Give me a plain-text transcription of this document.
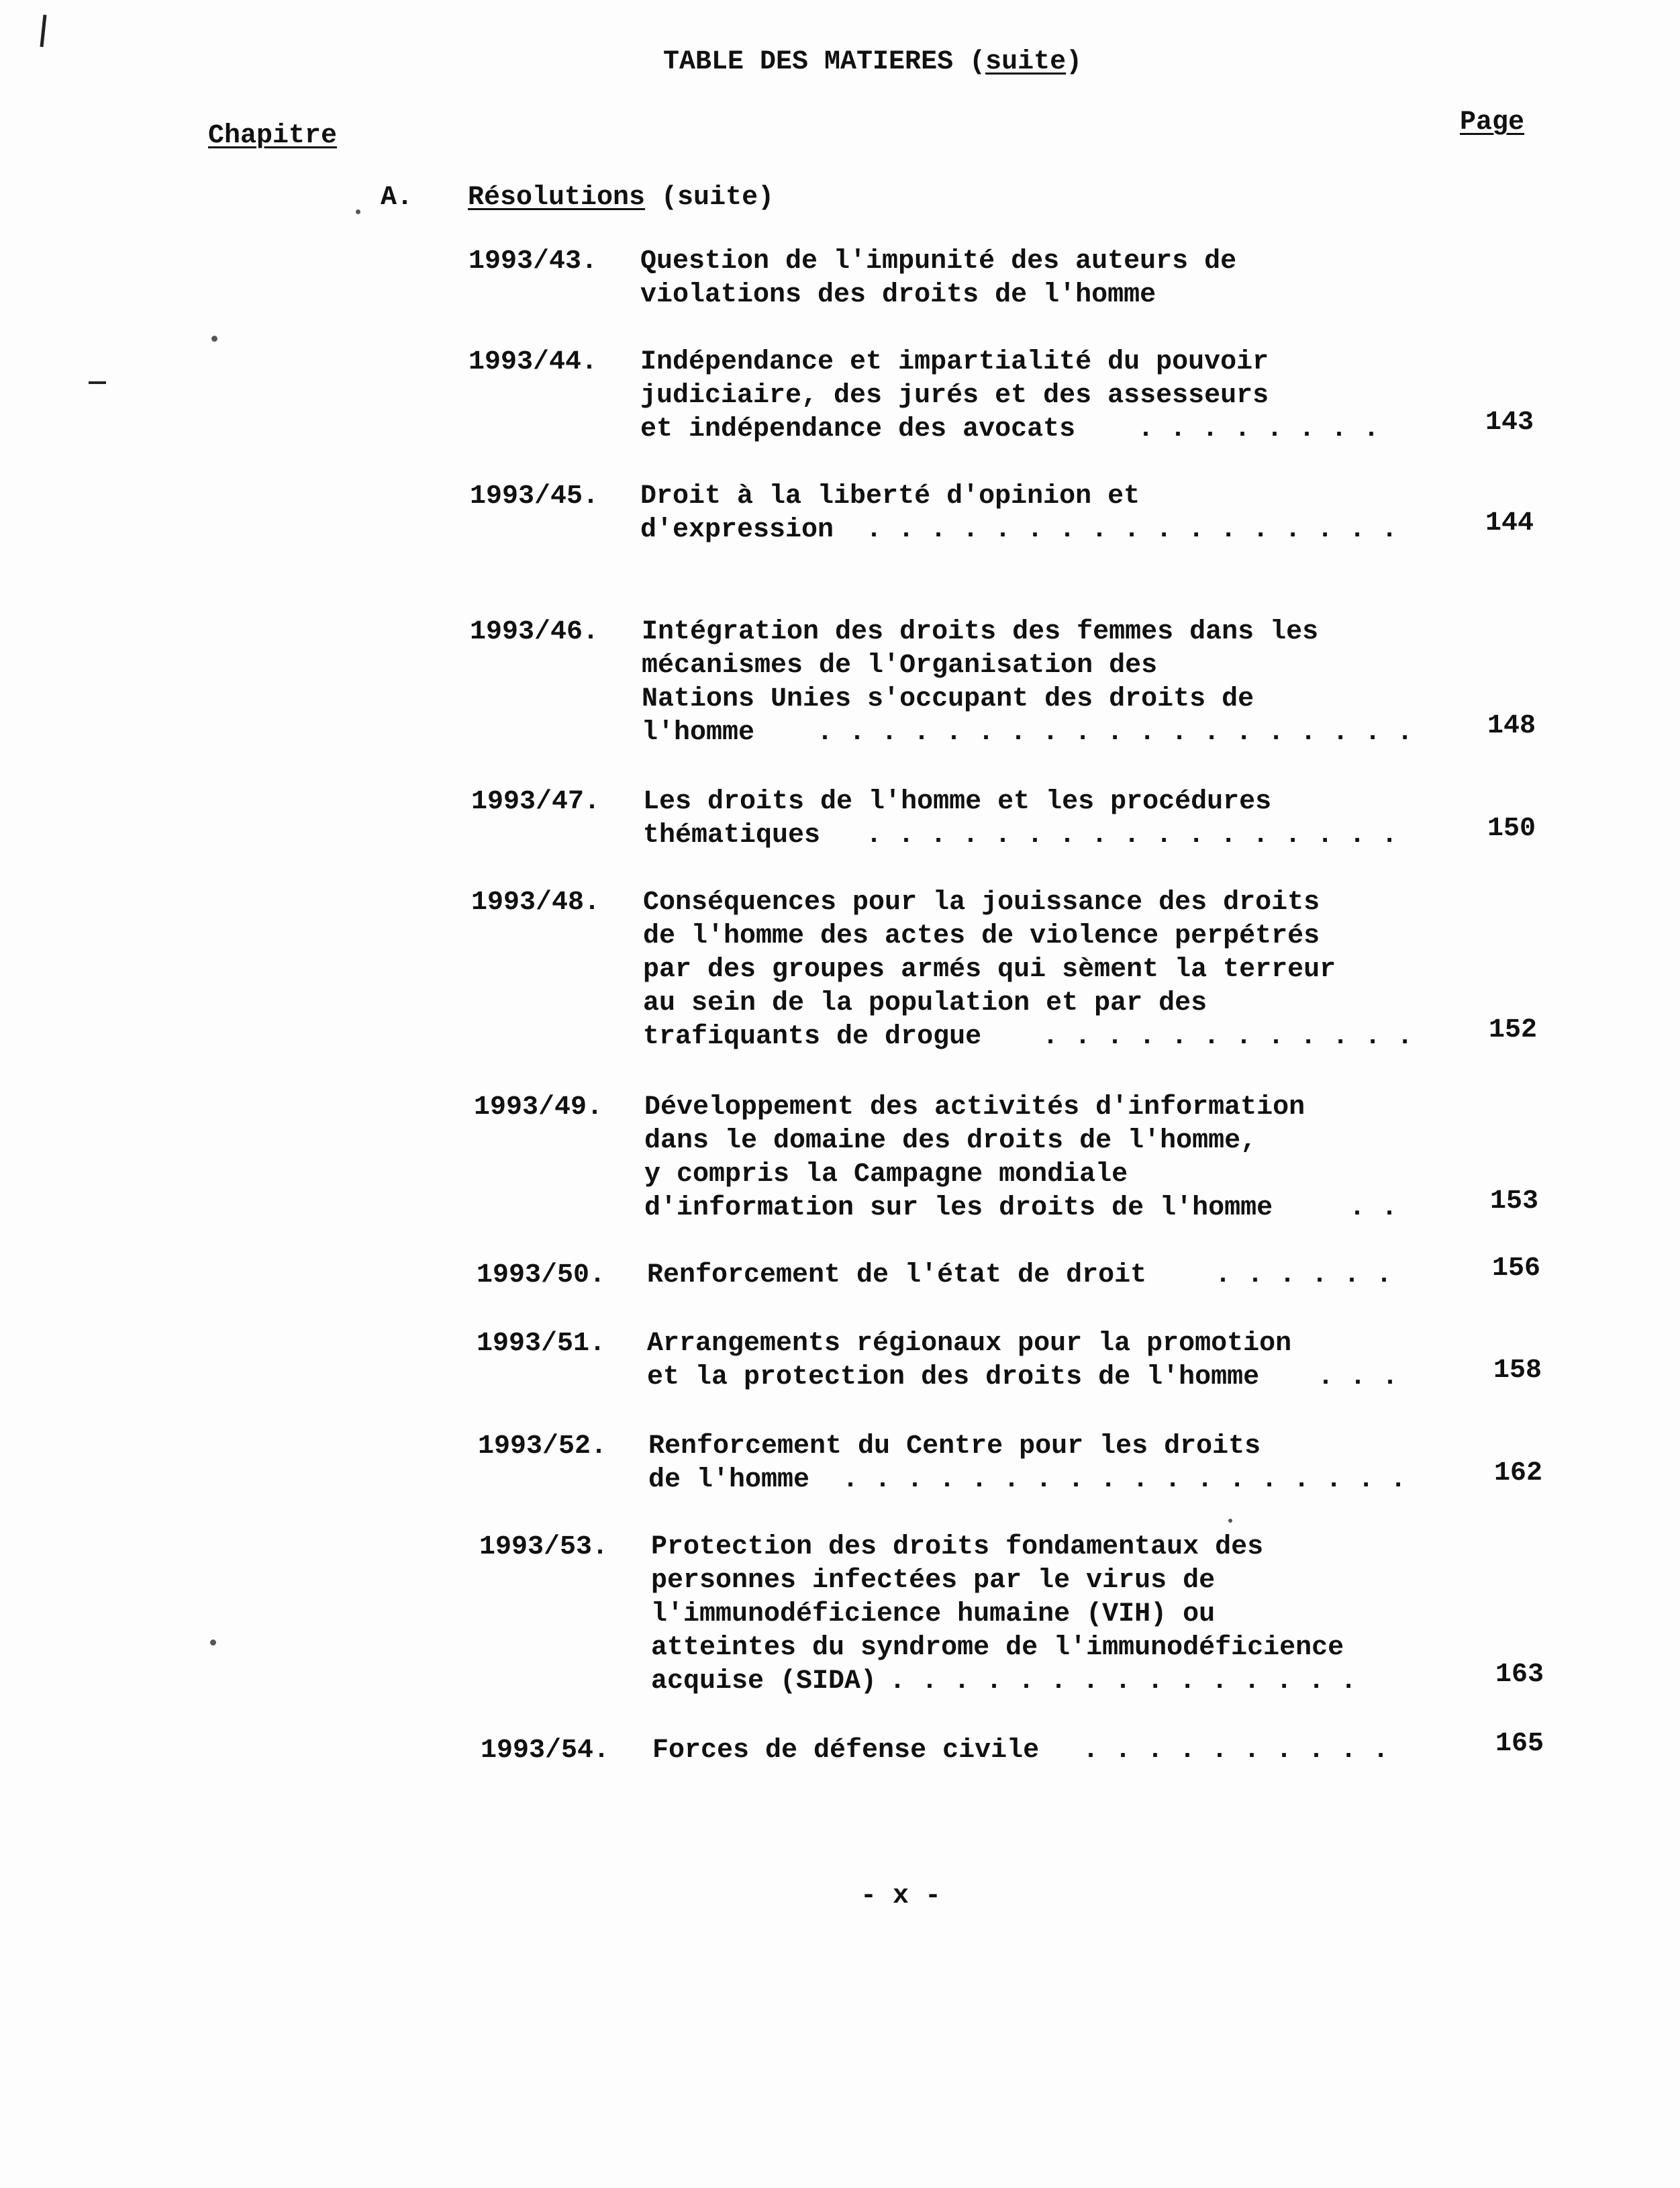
TABLE DES MATIERES (suite)
Chapitre	Page
A. Résolutions (suite)
1993/43. Question de l'impunité des auteurs de
violations des droits de l'homme
1993/44. Indépendance et impartialité du pouvoir
judiciaire, des jurés et des assesseurs
et indépendance des avocats	. . . . . . . .	143
1993/45. Droit à la liberté d'opinion et
d'expression	. . . . . . . . . . . . . . . . .	144
1993/46. Intégration des droits des femmes dans les
mécanismes de l'Organisation des
Nations Unies s'occupant des droits de
l'homme	. . . . . . . . . . . . . . . . . . .	148
1993/47. Les droits de l'homme et les procédures
thématiques	. . . . . . . . . . . . . . . . .	150
1993/48. Conséquences pour la jouissance des droits
de l'homme des actes de violence perpétrés
par des groupes armés qui sèment la terreur
au sein de la population et par des
trafiquants de drogue	. . . . . . . . . . . .	152
1993/49. Développement des activités d'information
dans le domaine des droits de l'homme,
y compris la Campagne mondiale
d'information sur les droits de l'homme	. .	153
1993/50. Renforcement de l'état de droit	. . . . . .	156
1993/51. Arrangements régionaux pour la promotion
et la protection des droits de l'homme	. . .	158
1993/52. Renforcement du Centre pour les droits
de l'homme	. . . . . . . . . . . . . . . . . .	162
1993/53. Protection des droits fondamentaux des
personnes infectées par le virus de
l'immunodéficience humaine (VIH) ou
atteintes du syndrome de l'immunodéficience
acquise (SIDA) . . . . . . . . . . . . . . .	163
1993/54. Forces de défense civile . . . . . . . . . .	165
- x -
